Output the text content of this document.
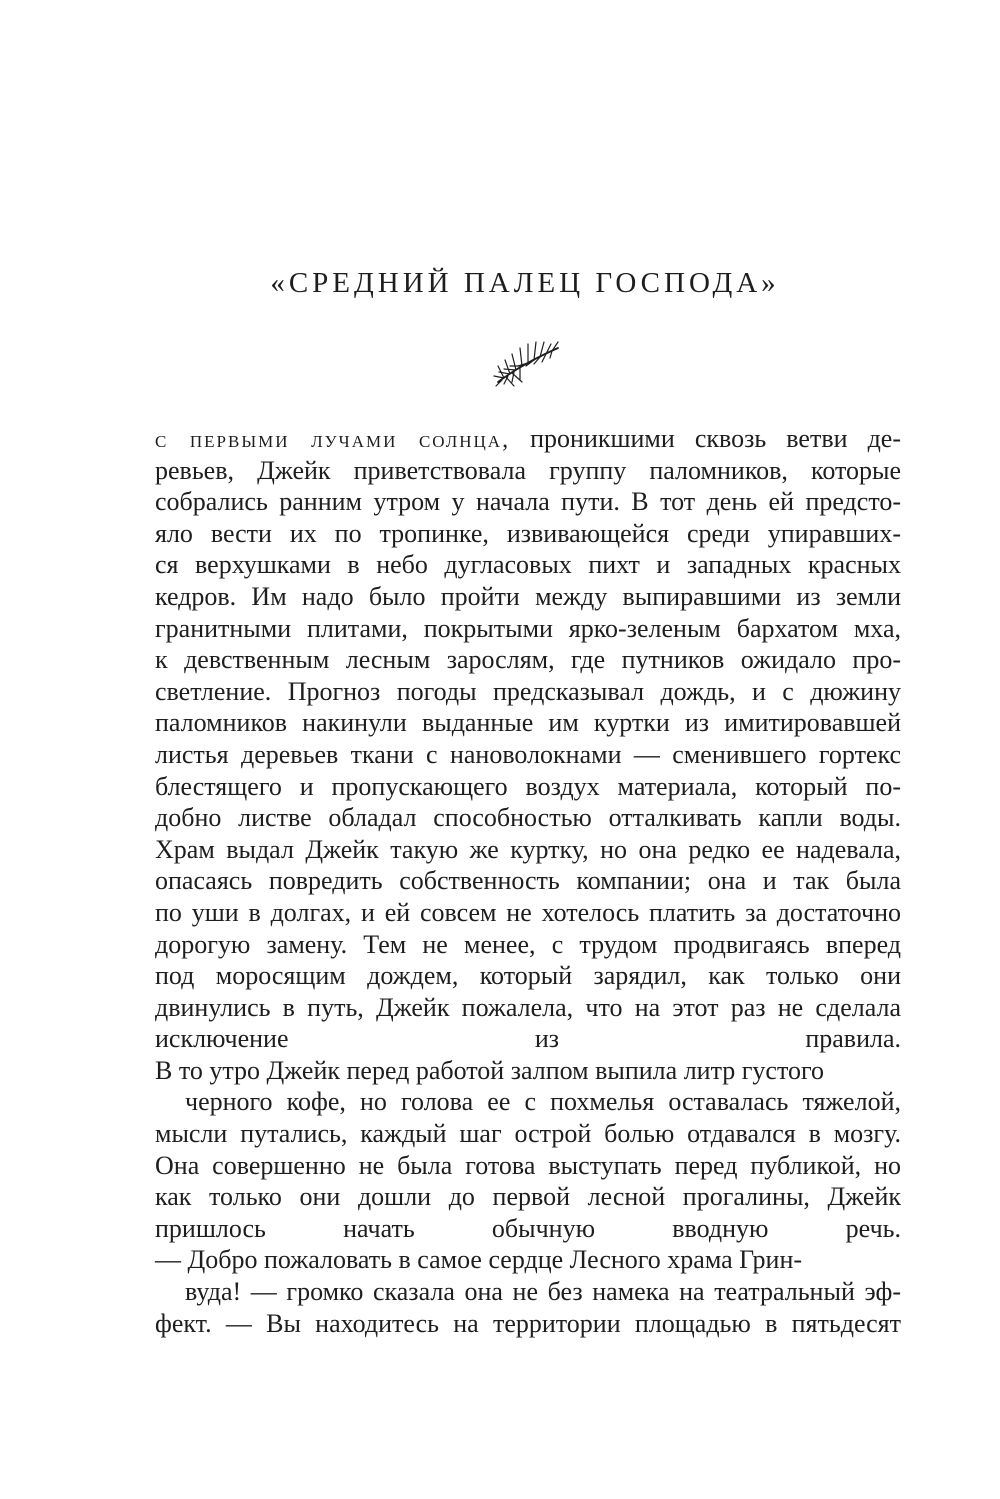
«СРЕДНИЙ ПАЛЕЦ ГОСПОДА»
с первыми лучами солнца, проникшими сквозь ветви де-
ревьев, Джейк приветствовала группу паломников, которые
собрались ранним утром у начала пути. В тот день ей предсто-
яло вести их по тропинке, извивающейся среди упиравших-
ся верхушками в небо дугласовых пихт и западных красных
кедров. Им надо было пройти между выпиравшими из земли
гранитными плитами, покрытыми ярко-зеленым бархатом мха,
к девственным лесным зарослям, где путников ожидало про-
светление. Прогноз погоды предсказывал дождь, и с дюжину
паломников накинули выданные им куртки из имитировавшей
листья деревьев ткани с нановолокнами — сменившего гортекс
блестящего и пропускающего воздух материала, который по-
добно листве обладал способностью отталкивать капли воды.
Храм выдал Джейк такую же куртку, но она редко ее надевала,
опасаясь повредить собственность компании; она и так была
по уши в долгах, и ей совсем не хотелось платить за достаточно
дорогую замену. Тем не менее, с трудом продвигаясь вперед
под моросящим дождем, который зарядил, как только они
двинулись в путь, Джейк пожалела, что на этот раз не сделала
исключение из правила.
В то утро Джейк перед работой залпом выпила литр густого
черного кофе, но голова ее с похмелья оставалась тяжелой,
мысли путались, каждый шаг острой болью отдавался в мозгу.
Она совершенно не была готова выступать перед публикой, но
как только они дошли до первой лесной прогалины, Джейк
пришлось начать обычную вводную речь.
— Добро пожаловать в самое сердце Лесного храма Грин-
вуда! — громко сказала она не без намека на театральный эф-
фект. — Вы находитесь на территории площадью в пятьдесят
